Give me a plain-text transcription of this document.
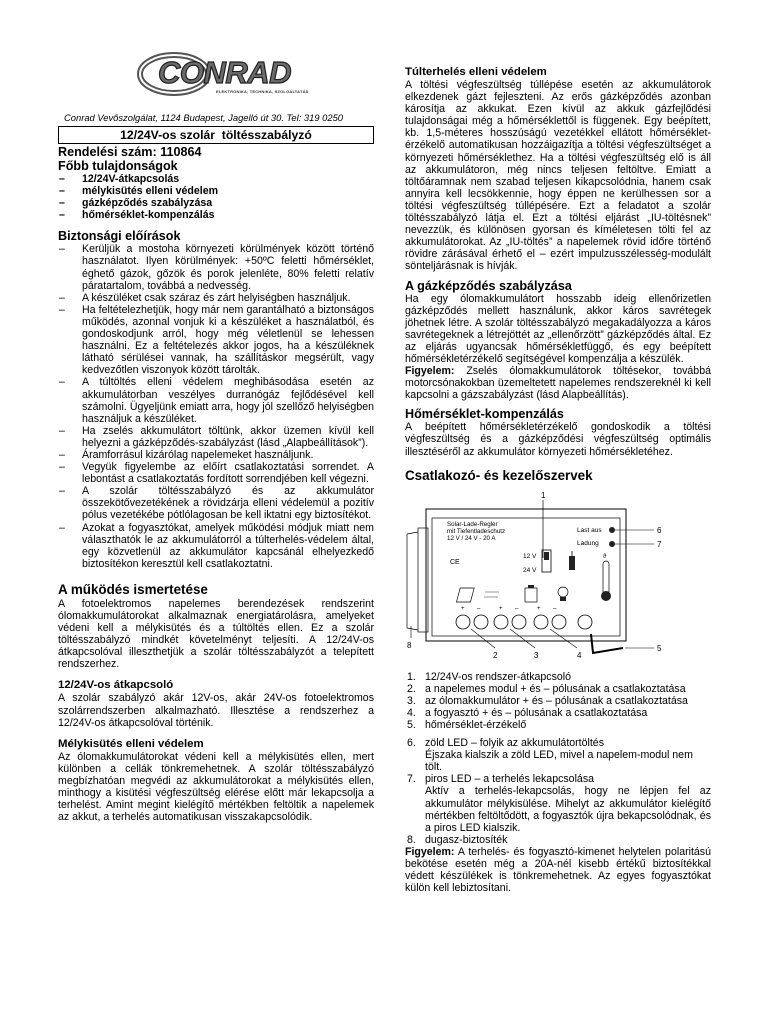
CONRAD
ELEKTRONIKA, TECHNIKA, SZOLGÁLTATÁS
Conrad Vevőszolgálat, 1124 Budapest, Jagelló út 30. Tel: 319 0250
12/24V-os szolár  töltésszabályzó
Rendelési szám: 110864
Főbb tulajdonságok
– 12/24V-átkapcsolás
– mélykisütés elleni védelem
– gázképződés szabályzása
– hőmérséklet-kompenzálás
Biztonsági előírások
– Kerüljük a mostoha környezeti körülmények között történő használatot. Ilyen körülmények: +50ºC feletti hőmérséklet, éghető gázok, gőzök és porok jelenléte, 80% feletti relatív páratartalom, továbbá a nedvesség.
– A készüléket csak száraz és zárt helyiségben használjuk.
– Ha feltételezhetjük, hogy már nem garantálható a biztonságos működés, azonnal vonjuk ki a készüléket a használatból, és gondoskodjunk arról, hogy még véletlenül se lehessen használni. Ez a feltételezés akkor jogos, ha a készüléknek látható sérülései vannak, ha szállításkor megsérült, vagy kedvezőtlen viszonyok között tárolták.
– A túltöltés elleni védelem meghibásodása esetén az akkumulátorban veszélyes durranógáz fejlődésével kell számolni. Ügyeljünk emiatt arra, hogy jól szellőző helyiségben használjuk a készüléket.
– Ha zselés akkumulátort töltünk, akkor üzemen kívül kell helyezni a gázképződés-szabályzást (lásd „Alapbeállítások”).
– Áramforrásul kizárólag napelemeket használjunk.
– Vegyük figyelembe az előírt csatlakoztatási sorrendet. A lebontást a csatlakoztatás fordított sorrendjében kell végezni.
– A szolár töltésszabályzó és az akkumulátor összekötővezetékének a rövidzárja elleni védelemül a pozitív pólus vezetékébe pótlólagosan be kell iktatni egy biztosítékot.
– Azokat a fogyasztókat, amelyek működési módjuk miatt nem választhatók le az akkumulátorról a túlterhelés-védelem által, egy közvetlenül az akkumulátor kapcsánál elhelyezkedő biztosítékon keresztül kell csatlakoztatni.
A működés ismertetése

A fotoelektromos napelemes berendezések rendszerint ólomakkumulátorokat alkalmaznak energiatárolásra, amelyeket védeni kell a mélykisütés és a túltöltés ellen. Ez a szolár töltésszabályzó mindkét követelményt teljesíti. A 12/24V-os átkapcsolóval illeszthetjük a szolár töltésszabályzót a telepített rendszerhez.

12/24V-os átkapcsoló

A szolár szabályzó akár 12V-os, akár 24V-os fotoelektromos szolárrendszerben alkalmazható. Illesztése a rendszerhez a 12/24V-os átkapcsolóval történik.

Mélykisütés elleni védelem

Az ólomakkumulátorokat védeni kell a mélykisütés ellen, mert különben a cellák tönkremehetnek. A szolár töltésszabályzó megbízhatóan megvédi az akkumulátorokat a mélykisütés ellen, minthogy a kisütési végfeszültség elérése előtt már lekapcsolja a terhelést. Amint megint kielégítő mértékben feltöltik a napelemek az akkut, a terhelés automatikusan visszakapcsolódik.

Túlterhelés elleni védelem

A töltési végfeszültség túllépése esetén az akkumulátorok elkezdenek gázt fejleszteni. Az erős gázképződés azonban károsítja az akkukat. Ezen kívül az akkuk gázfejlődési tulajdonságai még a hőmérséklettől is függenek. Egy beépített, kb. 1,5-méteres hosszúságú vezetékkel ellátott hőmérséklet-érzékelő automatikusan hozzáigazítja a töltési végfeszültséget a környezeti hőmérséklethez. Ha a töltési végfeszültség elő is áll az akkumulátoron, még nincs teljesen feltöltve. Emiatt a töltőáramnak nem szabad teljesen kikapcsolódnia, hanem csak annyira kell lecsökkennie, hogy éppen ne kerülhessen sor a töltési végfeszültség túllépésére. Ezt a feladatot a szolár töltésszabályzó látja el. Ezt a töltési eljárást „IU-töltésnek” nevezzük, és különösen gyorsan és kíméletesen tölti fel az akkumulátorokat. Az „IU-töltés” a napelemek rövid időre történő rövidre zárásával érhető el – ezért impulzusszélesség-modulált sönteljárásnak is hívják.

A gázképződés szabályzása

Ha egy ólomakkumulátort hosszabb ideig ellenőrizetlen gázképződés mellett használunk, akkor káros savrétegek jöhetnek létre. A szolár töltésszabályzó megakadályozza a káros savrétegeknek a létrejöttét az „ellenőrzött” gázképződés által. Ez az eljárás ugyancsak hőmérsékletfüggő, és egy beépített hőmérsékletérzékelő segítségével kompenzálja a készülék.

Figyelem: Zselés ólomakkumulátorok töltésekor, továbbá motorcsónakokban üzemeltetett napelemes rendszereknél ki kell kapcsolni a gázszabályzást (lásd Alapbeállítás).

Hőmérséklet-kompenzálás

A beépített hőmérsékletérzékelő gondoskodik a töltési végfeszültség és a gázképződési végfeszültség optimális illesztéséről az akkumulátor környezeti hőmérsékletéhez.

Csatlakozó- és kezelőszervek
1
Solar-Lade-Regler
mit Tiefentladeschutz
12 V / 24 V - 20 A
CE
Last aus
Ladung
6
7
12 V
24 V
ϑ
+ –	+ –	+ –
5
2	3	4
8
1. 12/24V-os rendszer-átkapcsoló
2. a napelemes modul + és – pólusának a csatlakoztatása
3. az ólomakkumulátor + és – pólusának a csatlakoztatása
4. a fogyasztó + és – pólusának a csatlakoztatása
5. hőmérséklet-érzékelő
6. zöld LED – folyik az akkumulátortöltés
Éjszaka kialszik a zöld LED, mivel a napelem-modul nem tölt.
7. piros LED – a terhelés lekapcsolása
Aktív a terhelés-lekapcsolás, hogy ne lépjen fel az akkumulátor mélykisülése. Mihelyt az akkumulátor kielégítő mértékben feltöltődött, a fogyasztók újra bekapcsolódnak, és a piros LED kialszik.
8. dugasz-biztosíték

Figyelem: A terhelés- és fogyasztó-kimenet helytelen polaritású bekötése esetén még a 20A-nél kisebb értékű biztosítékkal védett készülékek is tönkremehetnek. Az egyes fogyasztókat külön kell lebiztosítani.
